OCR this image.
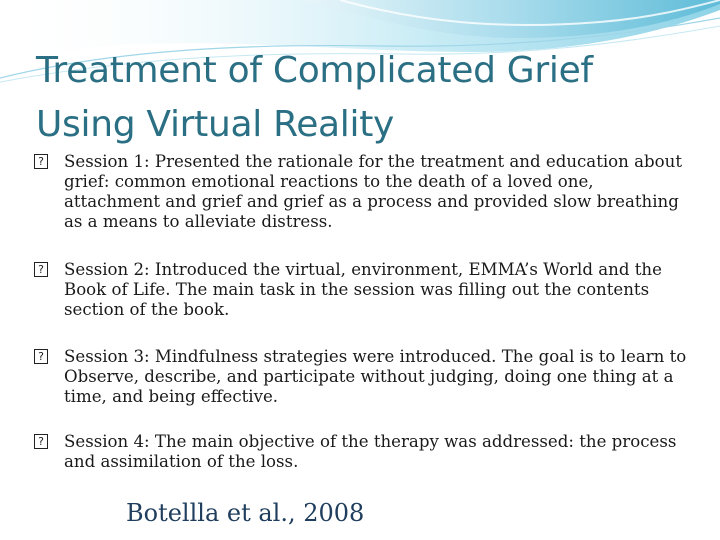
Treatment of Complicated Grief
Using Virtual Reality
? Session 1: Presented the rationale for the treatment and education about grief: common emotional reactions to the death of a loved one, attachment and grief and grief as a process and provided slow breathing as a means to alleviate distress.
? Session 2: Introduced the virtual, environment, EMMA’s World and the Book of Life. The main task in the session was filling out the contents section of the book.
? Session 3: Mindfulness strategies were introduced. The goal is to learn to Observe, describe, and participate without judging, doing one thing at a time, and being effective.
? Session 4: The main objective of the therapy was addressed: the process and assimilation of the loss.
Botellla et al., 2008
